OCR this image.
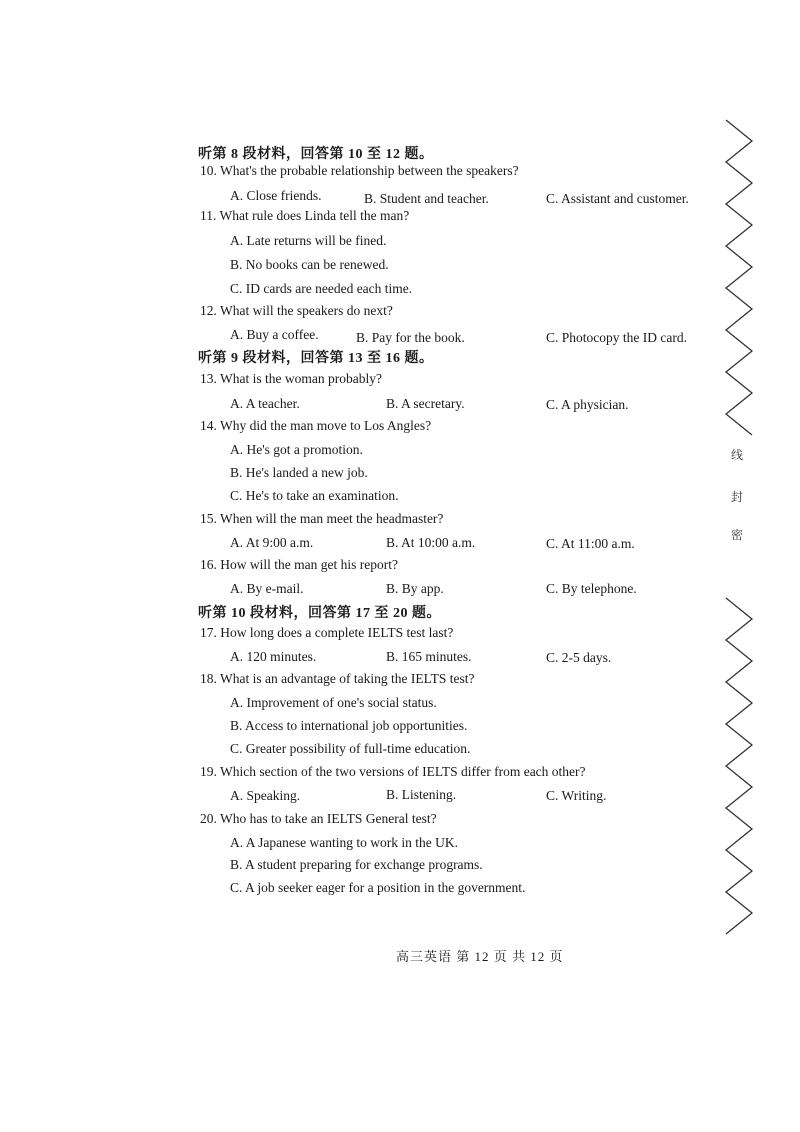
听第 8 段材料，回答第 10 至 12 题。
10. What's the probable relationship between the speakers?
A. Close friends.	B. Student and teacher.	C. Assistant and customer.
11. What rule does Linda tell the man?
A. Late returns will be fined.
B. No books can be renewed.
C. ID cards are needed each time.
12. What will the speakers do next?
A. Buy a coffee.	B. Pay for the book.	C. Photocopy the ID card.
听第 9 段材料，回答第 13 至 16 题。
13. What is the woman probably?
A. A teacher.	B. A secretary.	C. A physician.
14. Why did the man move to Los Angles?
A. He's got a promotion.
B. He's landed a new job.
C. He's to take an examination.
15. When will the man meet the headmaster?
A. At 9:00 a.m.	B. At 10:00 a.m.	C. At 11:00 a.m.
16. How will the man get his report?
A. By e-mail.	B. By app.	C. By telephone.
听第 10 段材料，回答第 17 至 20 题。
17. How long does a complete IELTS test last?
A. 120 minutes.	B. 165 minutes.	C. 2-5 days.
18. What is an advantage of taking the IELTS test?
A. Improvement of one's social status.
B. Access to international job opportunities.
C. Greater possibility of full-time education.
19. Which section of the two versions of IELTS differ from each other?
A. Speaking.	B. Listening.	C. Writing.
20. Who has to take an IELTS General test?
A. A Japanese wanting to work in the UK.
B. A student preparing for exchange programs.
C. A job seeker eager for a position in the government.
线
封
密
高三英语 第 12 页 共 12 页
